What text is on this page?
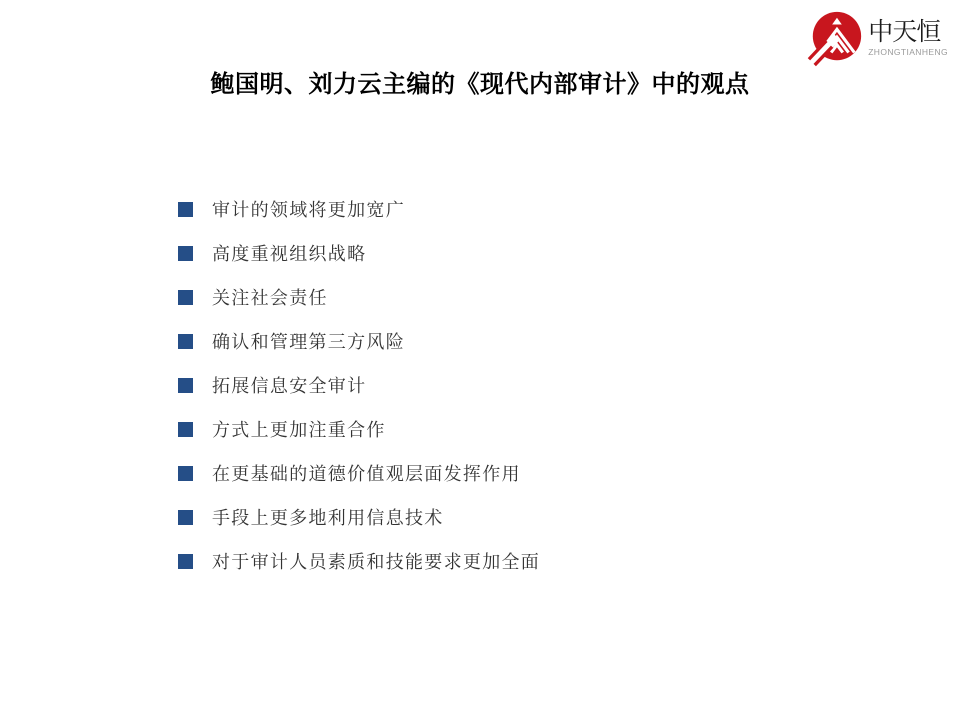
中天恒
ZHONGTIANHENG
鲍国明、刘力云主编的《现代内部审计》中的观点
审计的领域将更加宽广
高度重视组织战略
关注社会责任
确认和管理第三方风险
拓展信息安全审计
方式上更加注重合作
在更基础的道德价值观层面发挥作用
手段上更多地利用信息技术
对于审计人员素质和技能要求更加全面
